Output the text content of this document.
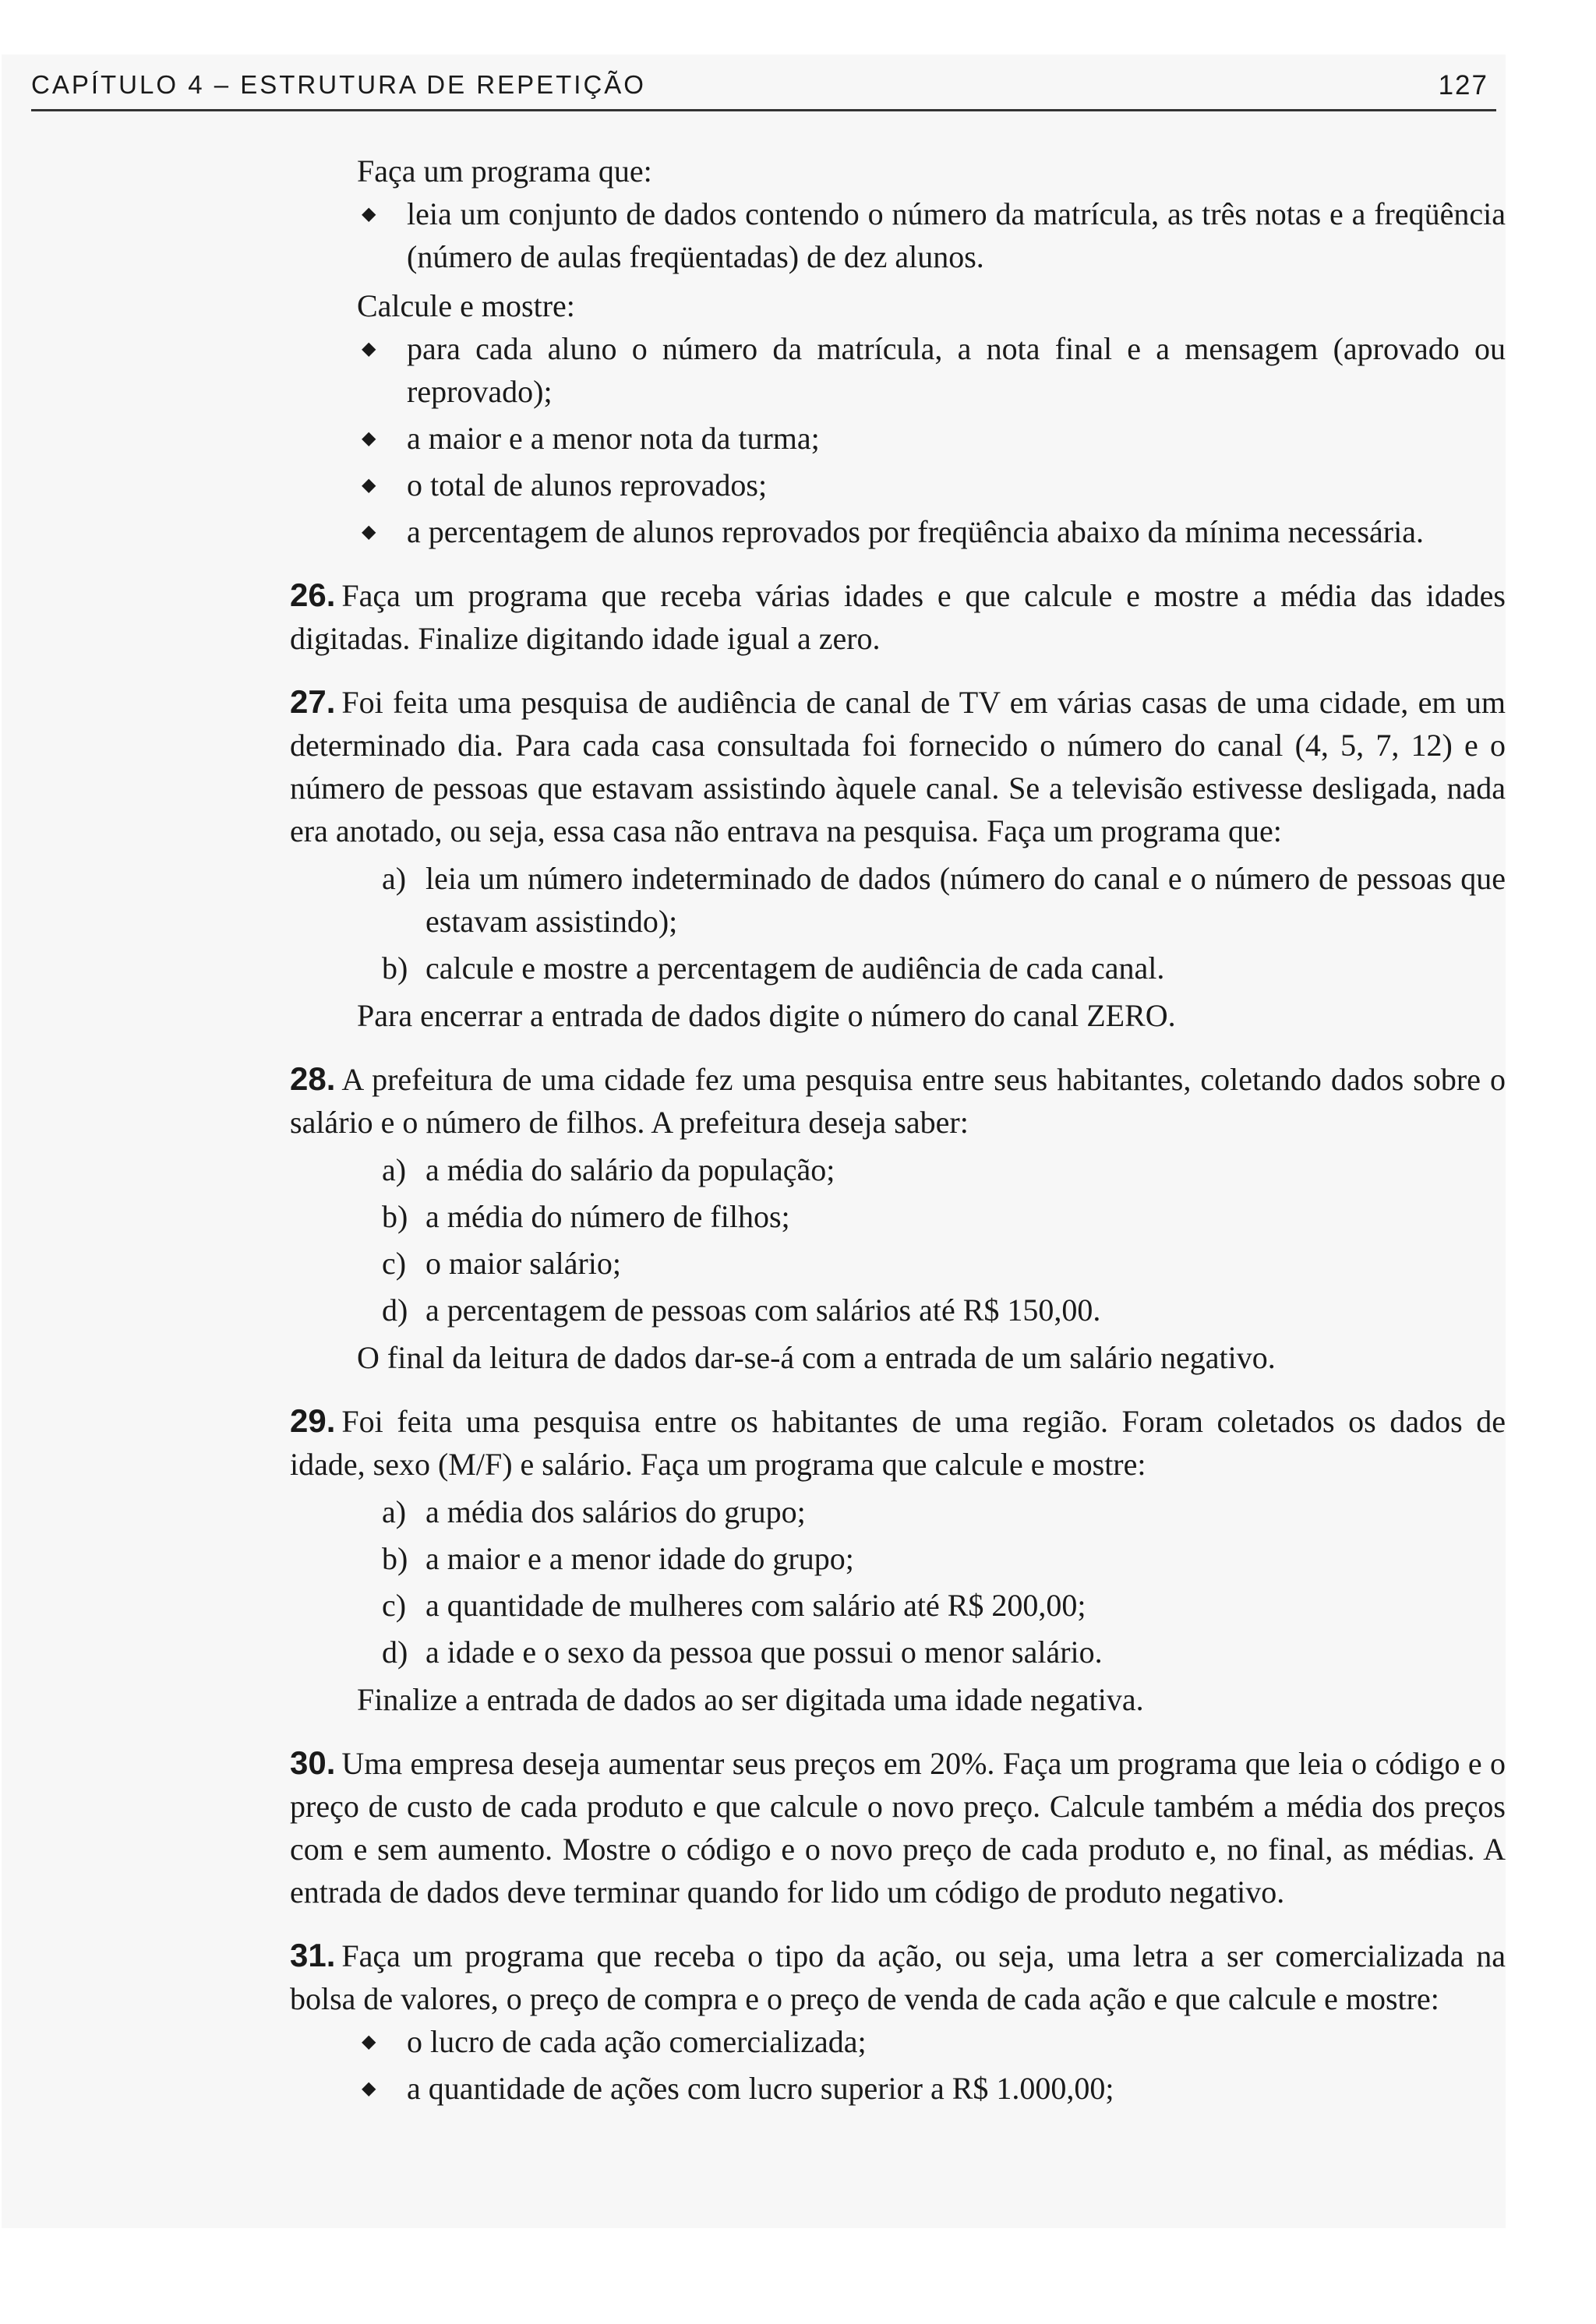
CAPÍTULO 4 – ESTRUTURA DE REPETIÇÃO	127

Faça um programa que:

◆ leia um conjunto de dados contendo o número da matrícula, as três notas e a freqüência (número de aulas freqüentadas) de dez alunos.

Calcule e mostre:

◆ para cada aluno o número da matrícula, a nota final e a mensagem (aprovado ou reprovado);
◆ a maior e a menor nota da turma;
◆ o total de alunos reprovados;
◆ a percentagem de alunos reprovados por freqüência abaixo da mínima necessária.

26. Faça um programa que receba várias idades e que calcule e mostre a média das idades digitadas. Finalize digitando idade igual a zero.

27. Foi feita uma pesquisa de audiência de canal de TV em várias casas de uma cidade, em um determinado dia. Para cada casa consultada foi fornecido o número do canal (4, 5, 7, 12) e o número de pessoas que estavam assistindo àquele canal. Se a televisão estivesse desligada, nada era anotado, ou seja, essa casa não entrava na pesquisa. Faça um programa que:

a) leia um número indeterminado de dados (número do canal e o número de pessoas que estavam assistindo);
b) calcule e mostre a percentagem de audiência de cada canal.

Para encerrar a entrada de dados digite o número do canal ZERO.

28. A prefeitura de uma cidade fez uma pesquisa entre seus habitantes, coletando dados sobre o salário e o número de filhos. A prefeitura deseja saber:

a) a média do salário da população;
b) a média do número de filhos;
c) o maior salário;
d) a percentagem de pessoas com salários até R$ 150,00.

O final da leitura de dados dar-se-á com a entrada de um salário negativo.

29. Foi feita uma pesquisa entre os habitantes de uma região. Foram coletados os dados de idade, sexo (M/F) e salário. Faça um programa que calcule e mostre:

a) a média dos salários do grupo;
b) a maior e a menor idade do grupo;
c) a quantidade de mulheres com salário até R$ 200,00;
d) a idade e o sexo da pessoa que possui o menor salário.

Finalize a entrada de dados ao ser digitada uma idade negativa.

30. Uma empresa deseja aumentar seus preços em 20%. Faça um programa que leia o código e o preço de custo de cada produto e que calcule o novo preço. Calcule também a média dos preços com e sem aumento. Mostre o código e o novo preço de cada produto e, no final, as médias. A entrada de dados deve terminar quando for lido um código de produto negativo.

31. Faça um programa que receba o tipo da ação, ou seja, uma letra a ser comercializada na bolsa de valores, o preço de compra e o preço de venda de cada ação e que calcule e mostre:

◆ o lucro de cada ação comercializada;
◆ a quantidade de ações com lucro superior a R$ 1.000,00;
